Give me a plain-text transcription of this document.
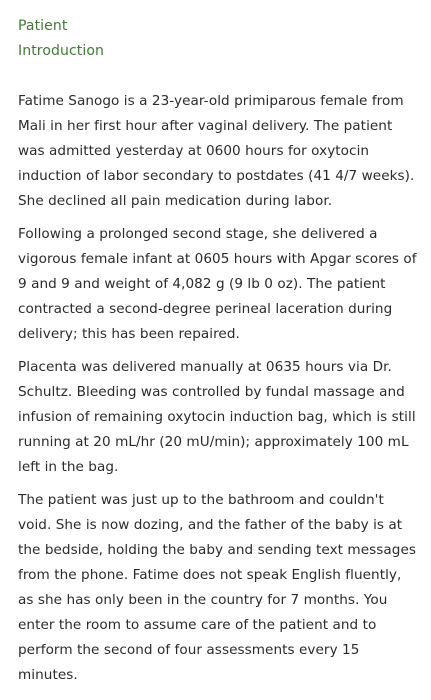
Patient
Introduction

Fatime Sanogo is a 23-year-old primiparous female from Mali in her first hour after vaginal delivery. The patient was admitted yesterday at 0600 hours for oxytocin induction of labor secondary to postdates (41 4/7 weeks). She declined all pain medication during labor.

Following a prolonged second stage, she delivered a vigorous female infant at 0605 hours with Apgar scores of 9 and 9 and weight of 4,082 g (9 lb 0 oz). The patient contracted a second-degree perineal laceration during delivery; this has been repaired.

Placenta was delivered manually at 0635 hours via Dr. Schultz. Bleeding was controlled by fundal massage and infusion of remaining oxytocin induction bag, which is still running at 20 mL/hr (20 mU/min); approximately 100 mL left in the bag.

The patient was just up to the bathroom and couldn't void. She is now dozing, and the father of the baby is at the bedside, holding the baby and sending text messages from the phone. Fatime does not speak English fluently, as she has only been in the country for 7 months. You enter the room to assume care of the patient and to perform the second of four assessments every 15 minutes.
